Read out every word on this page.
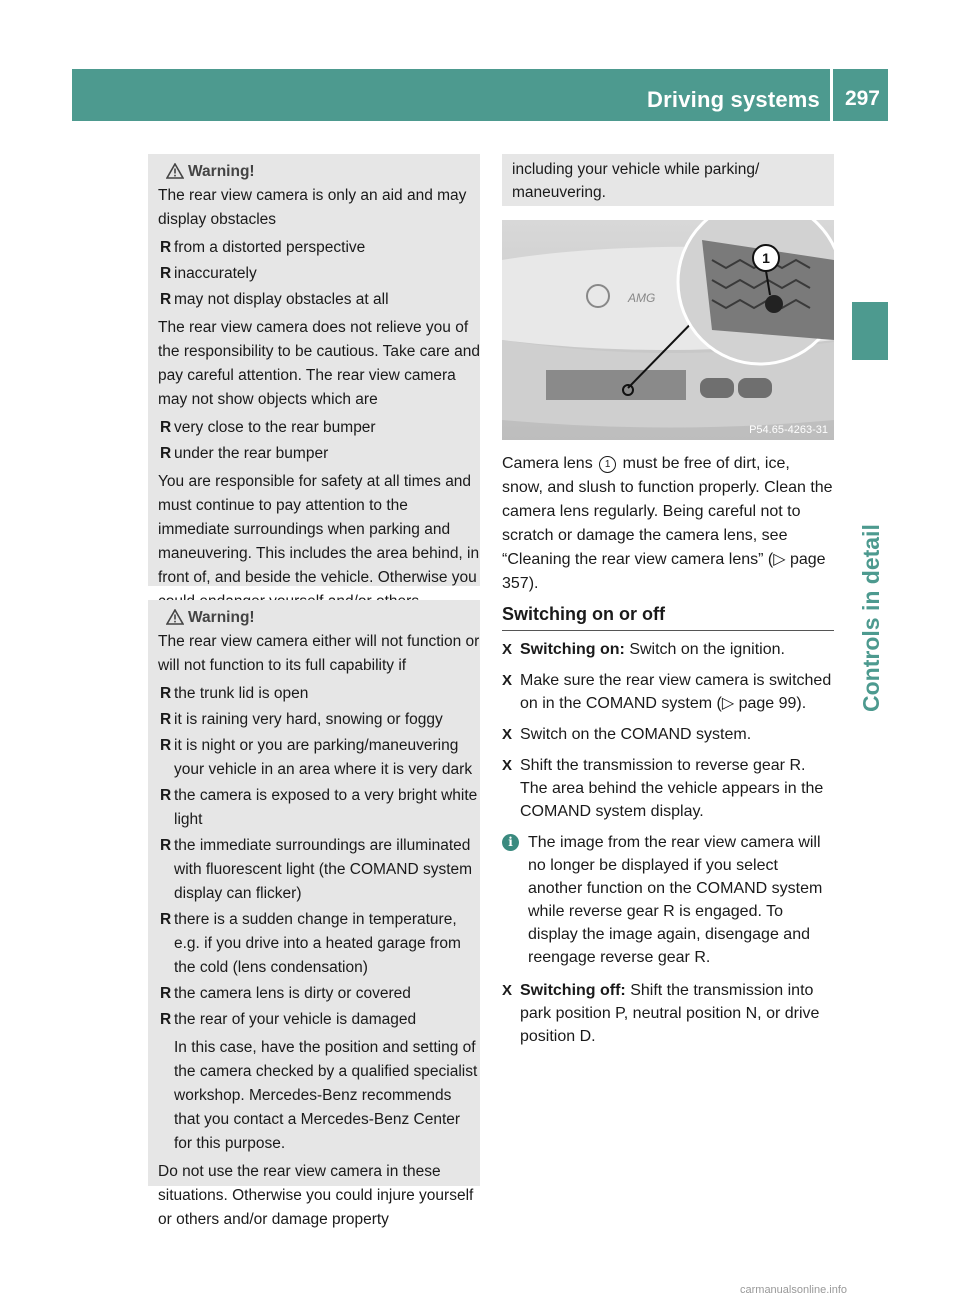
Driving systems 297
Controls in detail
Warning!

The rear view camera is only an aid and may display obstacles

R from a distorted perspective
R inaccurately
R may not display obstacles at all

The rear view camera does not relieve you of the responsibility to be cautious. Take care and pay careful attention. The rear view camera may not show objects which are

R very close to the rear bumper
R under the rear bumper

You are responsible for safety at all times and must continue to pay attention to the immediate surroundings when parking and maneuvering. This includes the area behind, in front of, and beside the vehicle. Otherwise you

Warning!

The rear view camera either will not function or will not function to its full capability if

R the trunk lid is open
R it is raining very hard, snowing or foggy
R it is night or you are parking/maneuvering your vehicle in an area where it is very dark
R the camera is exposed to a very bright white light
R the immediate surroundings are illuminated with fluorescent light (the COMAND system display can flicker)
R there is a sudden change in temperature, e.g. if you drive into a heated garage from the cold (lens condensation)
R the camera lens is dirty or covered
R the rear of your vehicle is damaged

In this case, have the position and setting of the camera checked by a qualified specialist workshop. Mercedes-Benz recommends that you contact a Mercedes-Benz Center for this purpose.

Do not use the rear view camera in these situations. Otherwise you could injure yourself or others and/or damage property

including your vehicle while parking/ maneuvering.
AMG
1
P54.65-4263-31

Camera lens 1 must be free of dirt, ice, snow, and slush to function properly. Clean the camera lens regularly. Being careful not to scratch or damage the camera lens, see “Cleaning the rear view camera lens” (▷ page 357).

Switching on or off
X Switching on: Switch on the ignition.
X Make sure the rear view camera is switched on in the COMAND system (▷ page 99).
X Switch on the COMAND system.
X Shift the transmission to reverse gear R. The area behind the vehicle appears in the COMAND system display.
i The image from the rear view camera will no longer be displayed if you select another function on the COMAND system while reverse gear R is engaged. To display the image again, disengage and reengage reverse gear R.
X Switching off: Shift the transmission into park position P, neutral position N, or drive position D.
carmanualsonline.info
